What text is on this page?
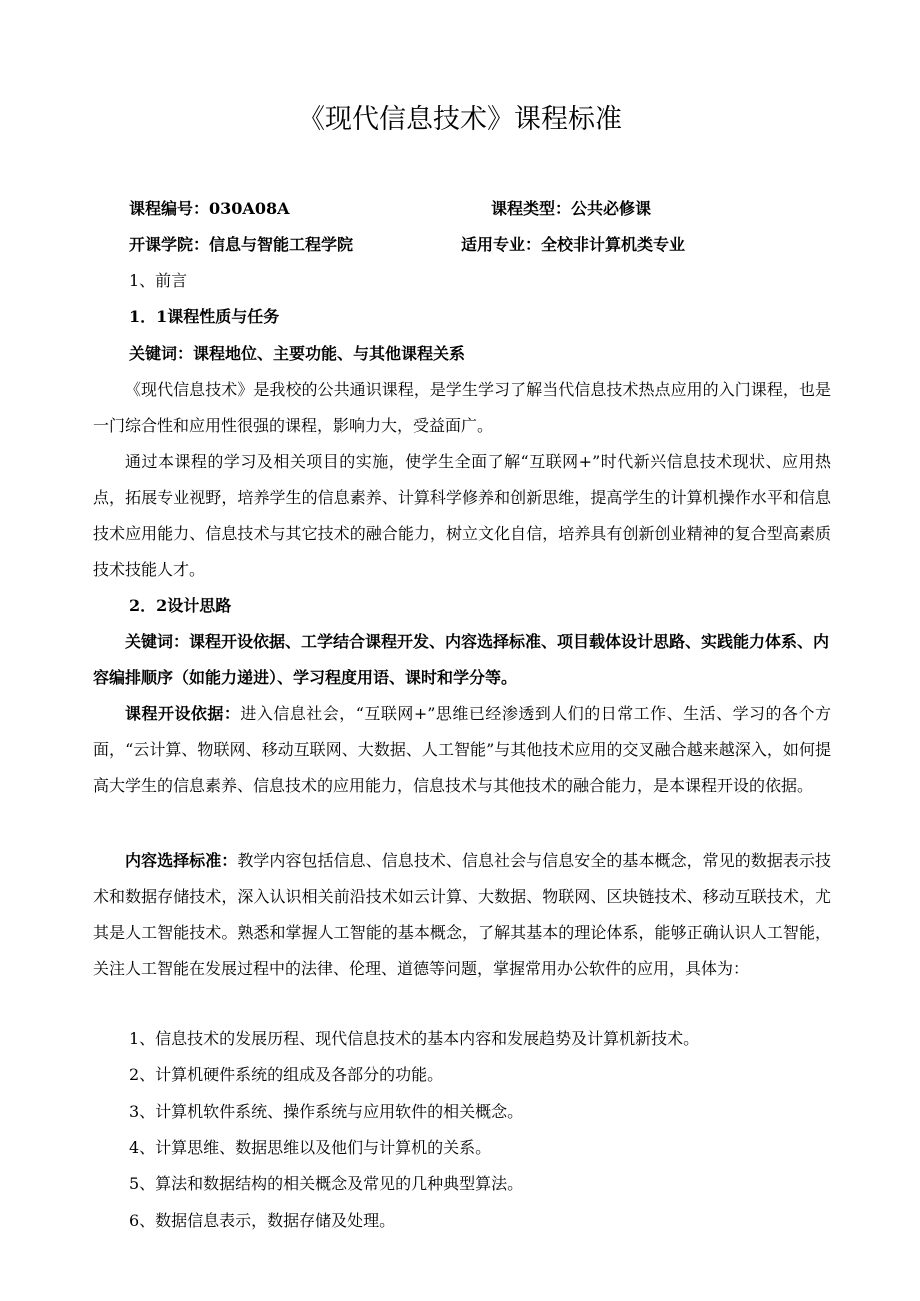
《现代信息技术》课程标准
课程编号：030A08A	课程类型：公共必修课
开课学院：信息与智能工程学院	适用专业：全校非计算机类专业
1、前言
1．1课程性质与任务
关键词：课程地位、主要功能、与其他课程关系
《现代信息技术》是我校的公共通识课程，是学生学习了解当代信息技术热点应用的入门课程，也是一门综合性和应用性很强的课程，影响力大，受益面广。
通过本课程的学习及相关项目的实施，使学生全面了解“互联网+”时代新兴信息技术现状、应用热点，拓展专业视野，培养学生的信息素养、计算科学修养和创新思维，提高学生的计算机操作水平和信息技术应用能力、信息技术与其它技术的融合能力，树立文化自信，培养具有创新创业精神的复合型高素质技术技能人才。
2．2设计思路
关键词：课程开设依据、工学结合课程开发、内容选择标准、项目载体设计思路、实践能力体系、内容编排顺序（如能力递进）、学习程度用语、课时和学分等。
课程开设依据：进入信息社会，“互联网+”思维已经渗透到人们的日常工作、生活、学习的各个方面，“云计算、物联网、移动互联网、大数据、人工智能”与其他技术应用的交叉融合越来越深入，如何提高大学生的信息素养、信息技术的应用能力，信息技术与其他技术的融合能力，是本课程开设的依据。
内容选择标准：教学内容包括信息、信息技术、信息社会与信息安全的基本概念，常见的数据表示技术和数据存储技术，深入认识相关前沿技术如云计算、大数据、物联网、区块链技术、移动互联技术，尤其是人工智能技术。熟悉和掌握人工智能的基本概念，了解其基本的理论体系，能够正确认识人工智能，关注人工智能在发展过程中的法律、伦理、道德等问题，掌握常用办公软件的应用，具体为：
1、信息技术的发展历程、现代信息技术的基本内容和发展趋势及计算机新技术。
2、计算机硬件系统的组成及各部分的功能。
3、计算机软件系统、操作系统与应用软件的相关概念。
4、计算思维、数据思维以及他们与计算机的关系。
5、算法和数据结构的相关概念及常见的几种典型算法。
6、数据信息表示，数据存储及处理。
